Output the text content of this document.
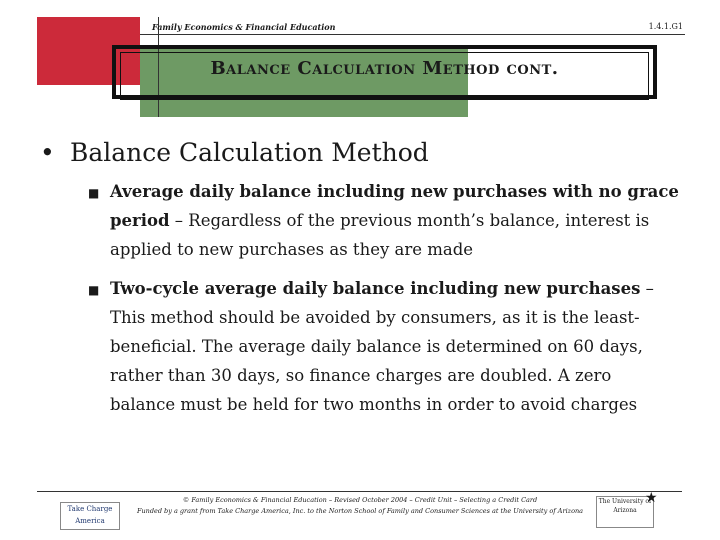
Family Economics & Financial Education	1.4.1.G1
Balance Calculation Method cont.
• Balance Calculation Method
■ Average daily balance including new purchases with no grace period – Regardless of the previous month’s balance, interest is applied to new purchases as they are made
■ Two-cycle average daily balance including new purchases – This method should be avoided by consumers, as it is the least-beneficial. The average daily balance is determined on 60 days, rather than 30 days, so finance charges are doubled. A zero balance must be held for two months in order to avoid charges
© Family Economics & Financial Education – Revised October 2004 – Credit Unit – Selecting a Credit Card
Funded by a grant from Take Charge America, Inc. to the Norton School of Family and Consumer Sciences at the University of Arizona
Take Charge America
The University of Arizona
★
